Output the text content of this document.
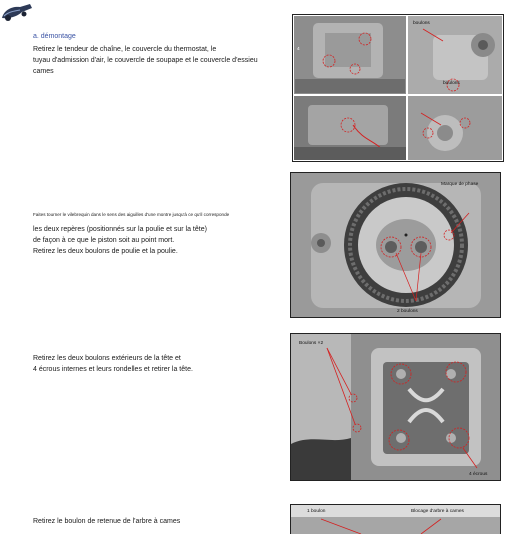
a. démontage

Retirez le tendeur de chaîne, le couvercle du thermostat, le

tuyau d'admission d'air, le couvercle de soupape et le couvercle d'essieu

cames

4
boulons
boulons

Faites tourner le vilebrequin dans le sens des aiguilles d'une montre jusqu'à ce qu'il corresponde

les deux repères (positionnés sur la poulie et sur la tête)

de façon à ce que le piston soit au point mort.

Retirez les deux boulons de poulie et la poulie.

Marque de phase
2 boulons

Retirez les deux boulons extérieurs de la tête et

4 écrous internes et leurs rondelles et retirer la tête.

Boulons ×2
4 écrous

Retirez le boulon de retenue de l'arbre à cames

1 boulon	Blocage d'arbre à cames
